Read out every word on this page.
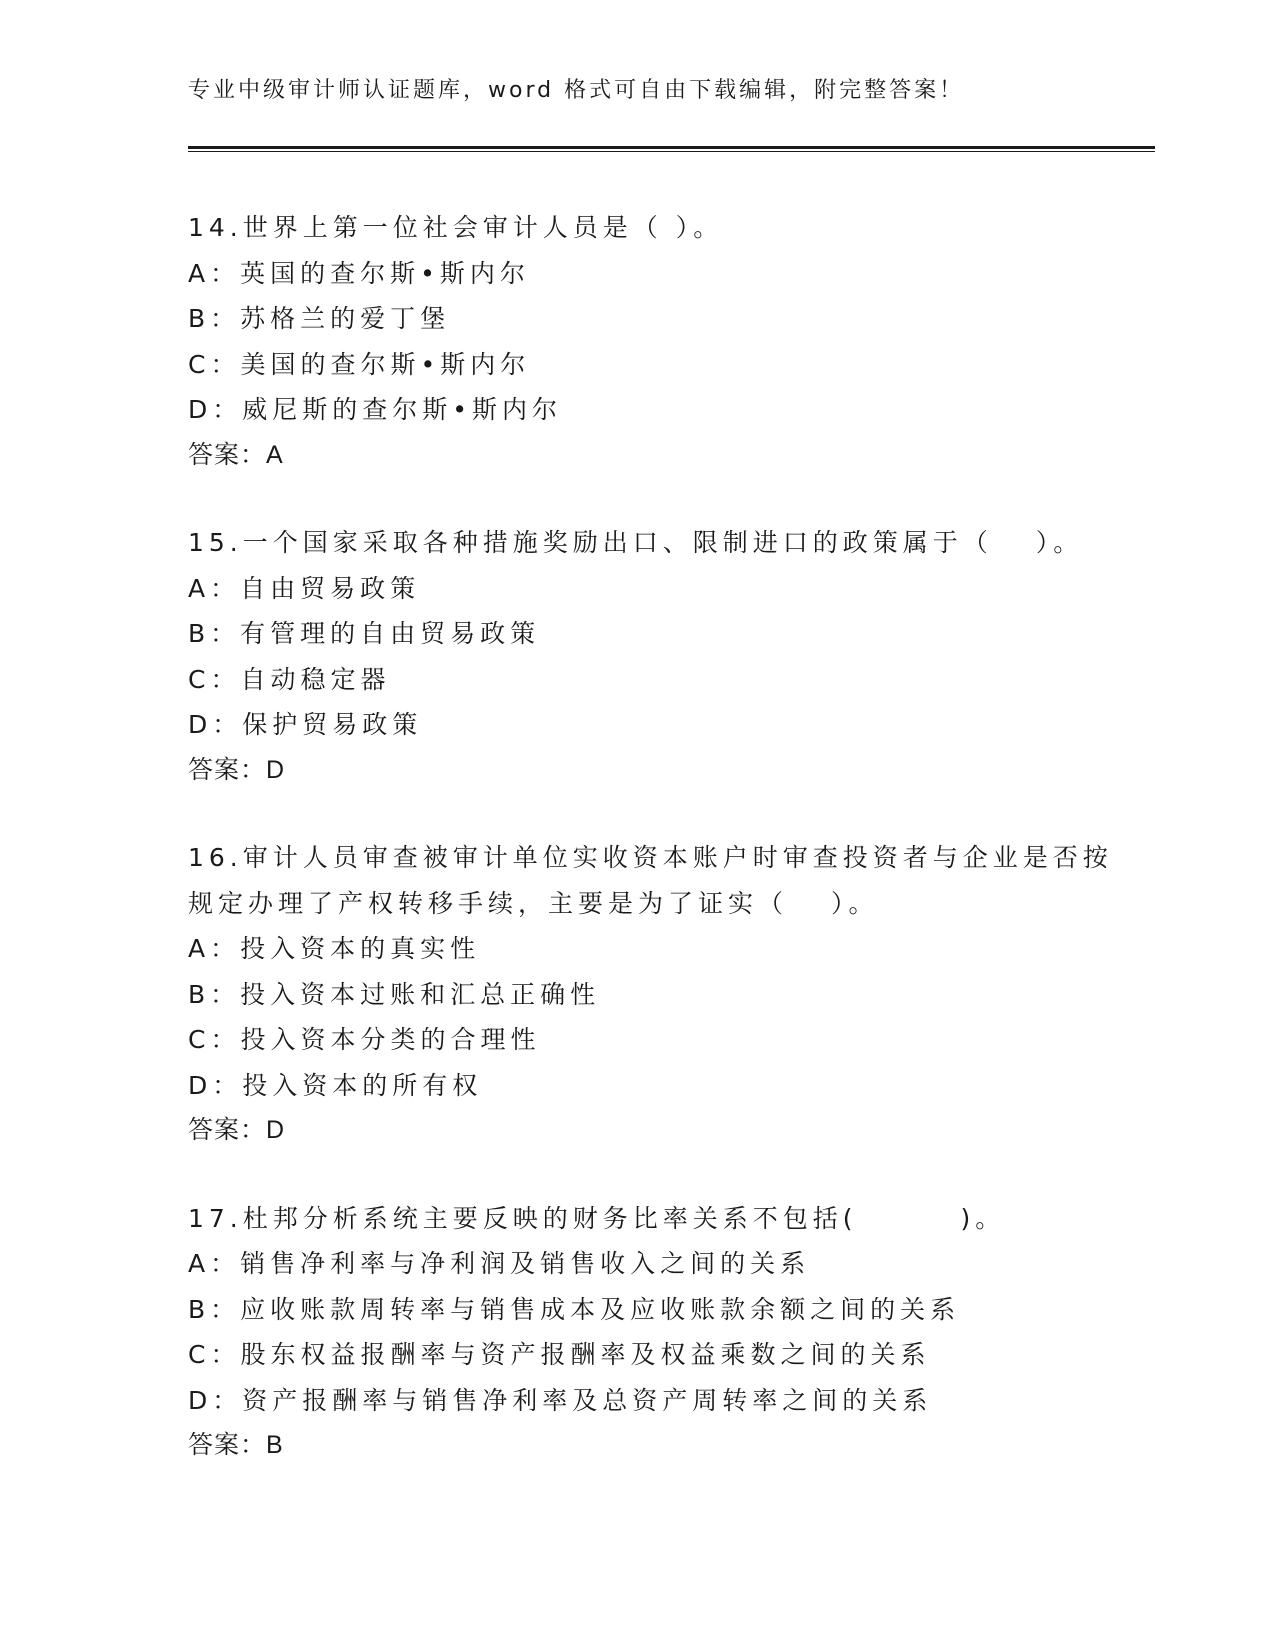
专业中级审计师认证题库，word 格式可自由下载编辑，附完整答案！
14.世界上第一位社会审计人员是（ ）。
A：英国的查尔斯•斯内尔
B：苏格兰的爱丁堡
C：美国的查尔斯•斯内尔
D：威尼斯的查尔斯•斯内尔
答案：A
15.一个国家采取各种措施奖励出口、限制进口的政策属于（　 ）。
A：自由贸易政策
B：有管理的自由贸易政策
C：自动稳定器
D：保护贸易政策
答案：D
16.审计人员审查被审计单位实收资本账户时审查投资者与企业是否按
规定办理了产权转移手续，主要是为了证实（　 ）。
A：投入资本的真实性
B：投入资本过账和汇总正确性
C：投入资本分类的合理性
D：投入资本的所有权
答案：D
17.杜邦分析系统主要反映的财务比率关系不包括(　　　 )。
A：销售净利率与净利润及销售收入之间的关系
B：应收账款周转率与销售成本及应收账款余额之间的关系
C：股东权益报酬率与资产报酬率及权益乘数之间的关系
D：资产报酬率与销售净利率及总资产周转率之间的关系
答案：B
